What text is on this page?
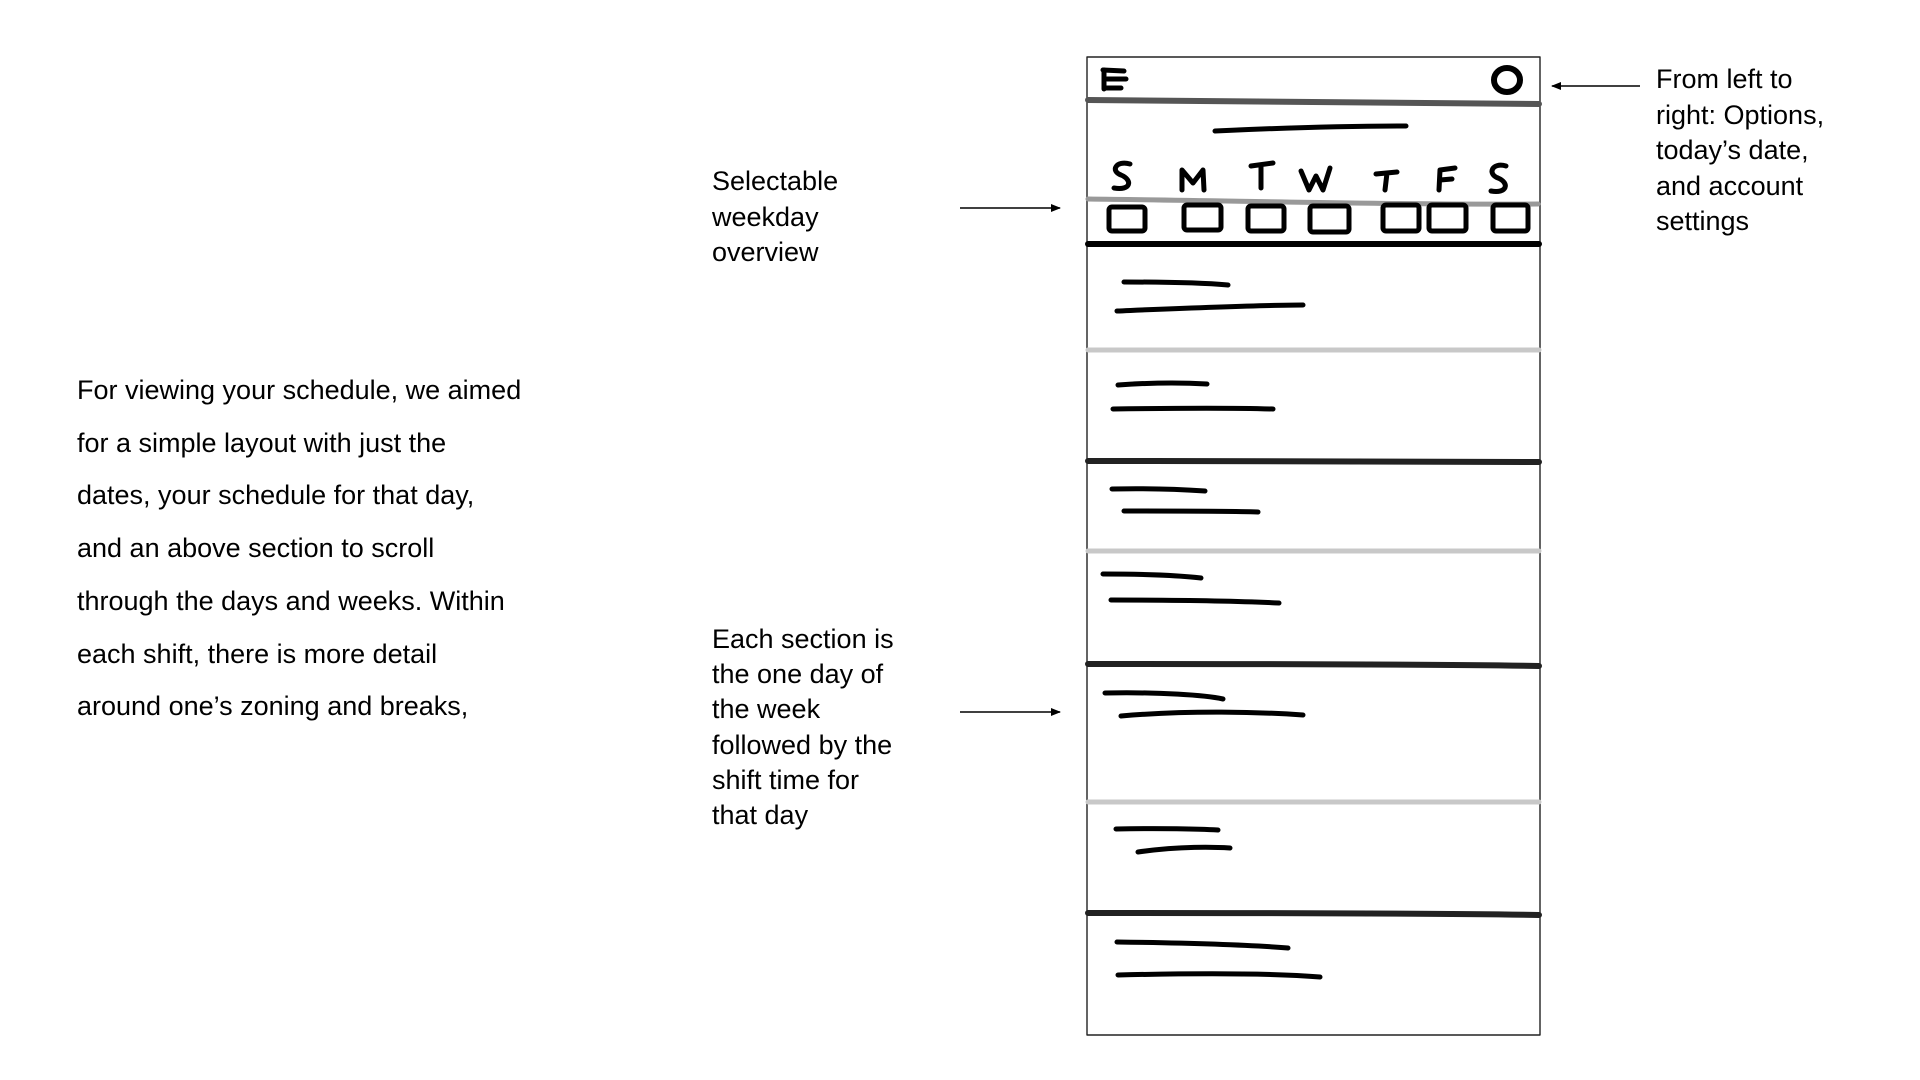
For viewing your schedule, we aimed
for a simple layout with just the
dates, your schedule for that day,
and an above section to scroll
through the days and weeks. Within
each shift, there is more detail
around one’s zoning and breaks,
Selectable
weekday
overview
Each section is
the one day of
the week
followed by the
shift time for
that day
From left to
right: Options,
today’s date,
and account
settings
